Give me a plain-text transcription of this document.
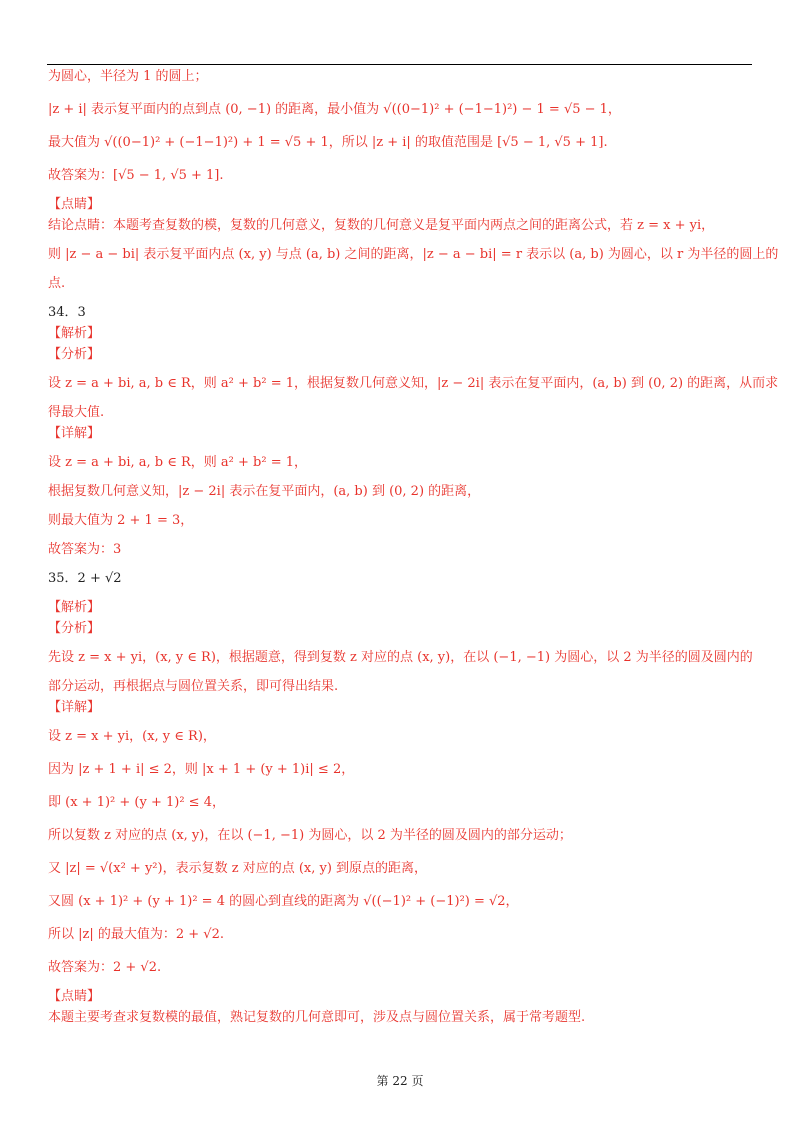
为圆心，半径为 1 的圆上；
|z + i| 表示复平面内的点到点 (0, −1) 的距离，最小值为 √((0−1)² + (−1−1)²) − 1 = √5 − 1，
最大值为 √((0−1)² + (−1−1)²) + 1 = √5 + 1，所以 |z + i| 的取值范围是 [√5 − 1, √5 + 1].
故答案为：[√5 − 1, √5 + 1].
【点睛】
结论点睛：本题考查复数的模，复数的几何意义，复数的几何意义是复平面内两点之间的距离公式，若 z = x + yi，
则 |z − a − bi| 表示复平面内点 (x, y) 与点 (a, b) 之间的距离，|z − a − bi| = r 表示以 (a, b) 为圆心，以 r 为半径的圆上的
点.
34．3
【解析】
【分析】
设 z = a + bi, a, b ∈ R，则 a² + b² = 1，根据复数几何意义知，|z − 2i| 表示在复平面内，(a, b) 到 (0, 2) 的距离，从而求
得最大值.
【详解】
设 z = a + bi, a, b ∈ R，则 a² + b² = 1，
根据复数几何意义知，|z − 2i| 表示在复平面内，(a, b) 到 (0, 2) 的距离，
则最大值为 2 + 1 = 3，
故答案为：3
35．2 + √2
【解析】
【分析】
先设 z = x + yi，(x, y ∈ R)，根据题意，得到复数 z 对应的点 (x, y)，在以 (−1, −1) 为圆心，以 2 为半径的圆及圆内的
部分运动，再根据点与圆位置关系，即可得出结果.
【详解】
设 z = x + yi，(x, y ∈ R)，
因为 |z + 1 + i| ≤ 2，则 |x + 1 + (y + 1)i| ≤ 2，
即 (x + 1)² + (y + 1)² ≤ 4，
所以复数 z 对应的点 (x, y)，在以 (−1, −1) 为圆心，以 2 为半径的圆及圆内的部分运动；
又 |z| = √(x² + y²)，表示复数 z 对应的点 (x, y) 到原点的距离，
又圆 (x + 1)² + (y + 1)² = 4 的圆心到直线的距离为 √((−1)² + (−1)²) = √2，
所以 |z| 的最大值为：2 + √2.
故答案为：2 + √2.
【点睛】
本题主要考查求复数模的最值，熟记复数的几何意即可，涉及点与圆位置关系，属于常考题型.
第 22 页
